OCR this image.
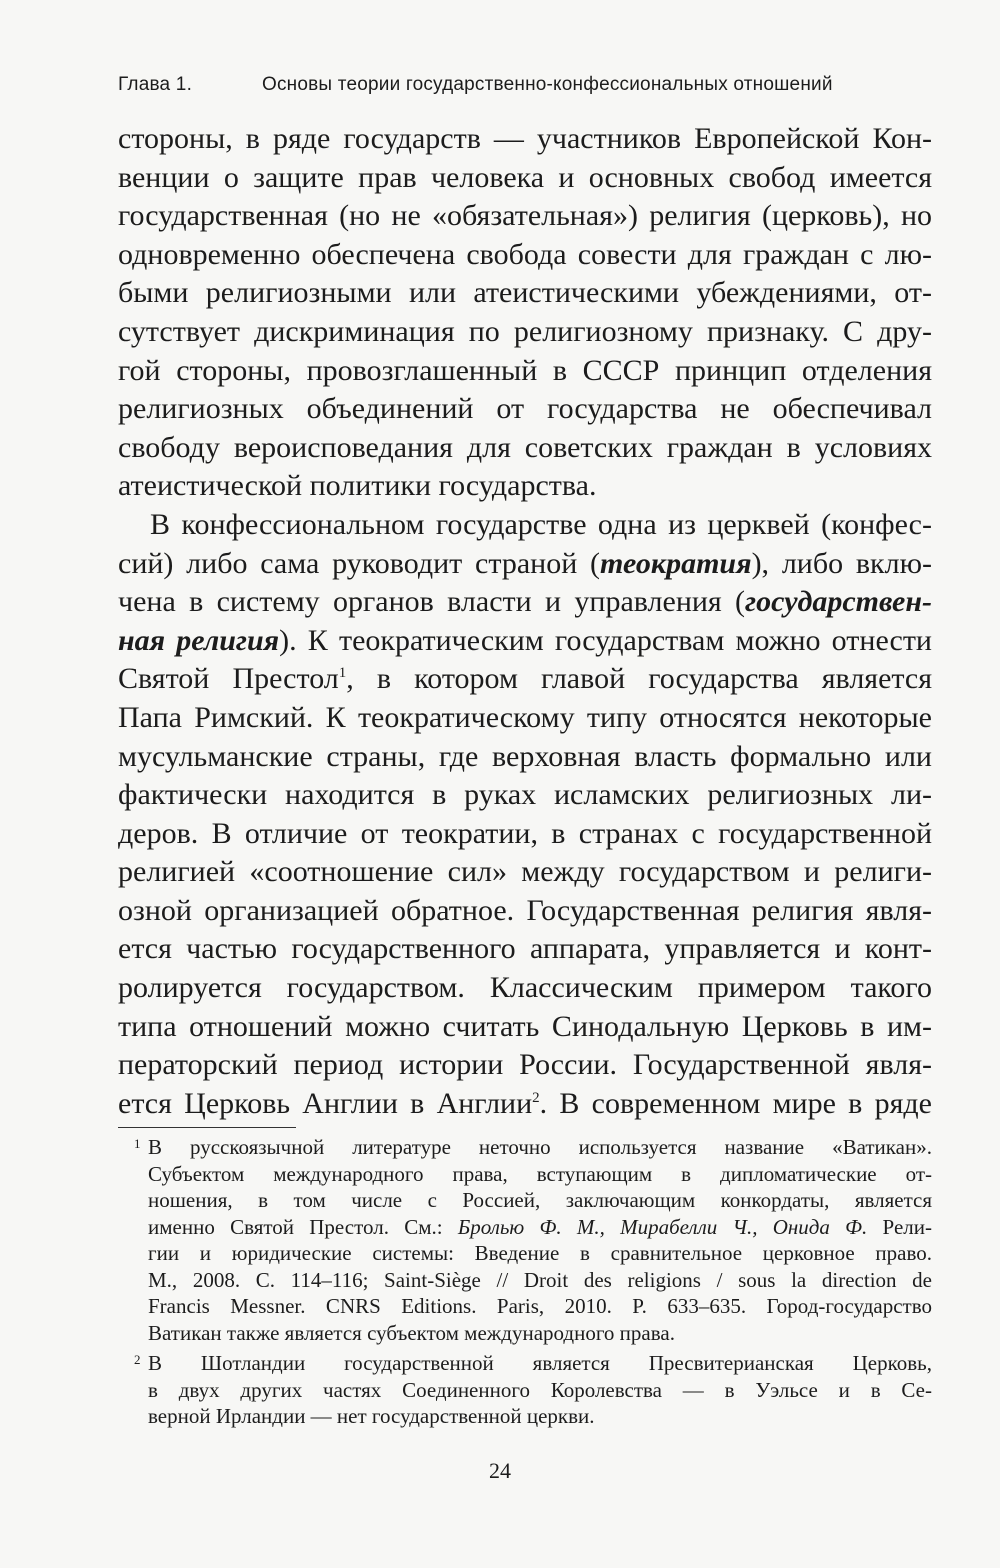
Глава 1.	Основы теории государственно-конфессиональных отношений
стороны, в ряде государств — участников Европейской Кон-
венции о защите прав человека и основных свобод имеется
государственная (но не «обязательная») религия (церковь), но
одновременно обеспечена свобода совести для граждан с лю-
быми религиозными или атеистическими убеждениями, от-
сутствует дискриминация по религиозному признаку. С дру-
гой стороны, провозглашенный в СССР принцип отделения
религиозных объединений от государства не обеспечивал
свободу вероисповедания для советских граждан в условиях
атеистической политики государства.
В конфессиональном государстве одна из церквей (конфес-
сий) либо сама руководит страной (теократия), либо вклю-
чена в систему органов власти и управления (государствен-
ная религия). К теократическим государствам можно отнести
Святой Престол$^1$, в котором главой государства является
Папа Римский. К теократическому типу относятся некоторые
мусульманские страны, где верховная власть формально или
фактически находится в руках исламских религиозных ли-
деров. В отличие от теократии, в странах с государственной
религией «соотношение сил» между государством и религи-
озной организацией обратное. Государственная религия явля-
ется частью государственного аппарата, управляется и конт-
ролируется государством. Классическим примером такого
типа отношений можно считать Синодальную Церковь в им-
ператорский период истории России. Государственной явля-
ется Церковь Англии в Англии$^2$. В современном мире в ряде
1 В русскоязычной литературе неточно используется название «Ватикан».
Субъектом международного права, вступающим в дипломатические от-
ношения, в том числе с Россией, заключающим конкордаты, является
именно Святой Престол. См.: Бролью Ф. М., Мирабелли Ч., Онида Ф. Рели-
гии и юридические системы: Введение в сравнительное церковное право.
М., 2008. С. 114–116; Saint-Siège // Droit des religions / sous la direction de
Francis Messner. CNRS Editions. Paris, 2010. P. 633–635. Город-государство
Ватикан также является субъектом международного права.
2 В Шотландии государственной является Пресвитерианская Церковь,
в двух других частях Соединенного Королевства — в Уэльсе и в Се-
верной Ирландии — нет государственной церкви.
24
